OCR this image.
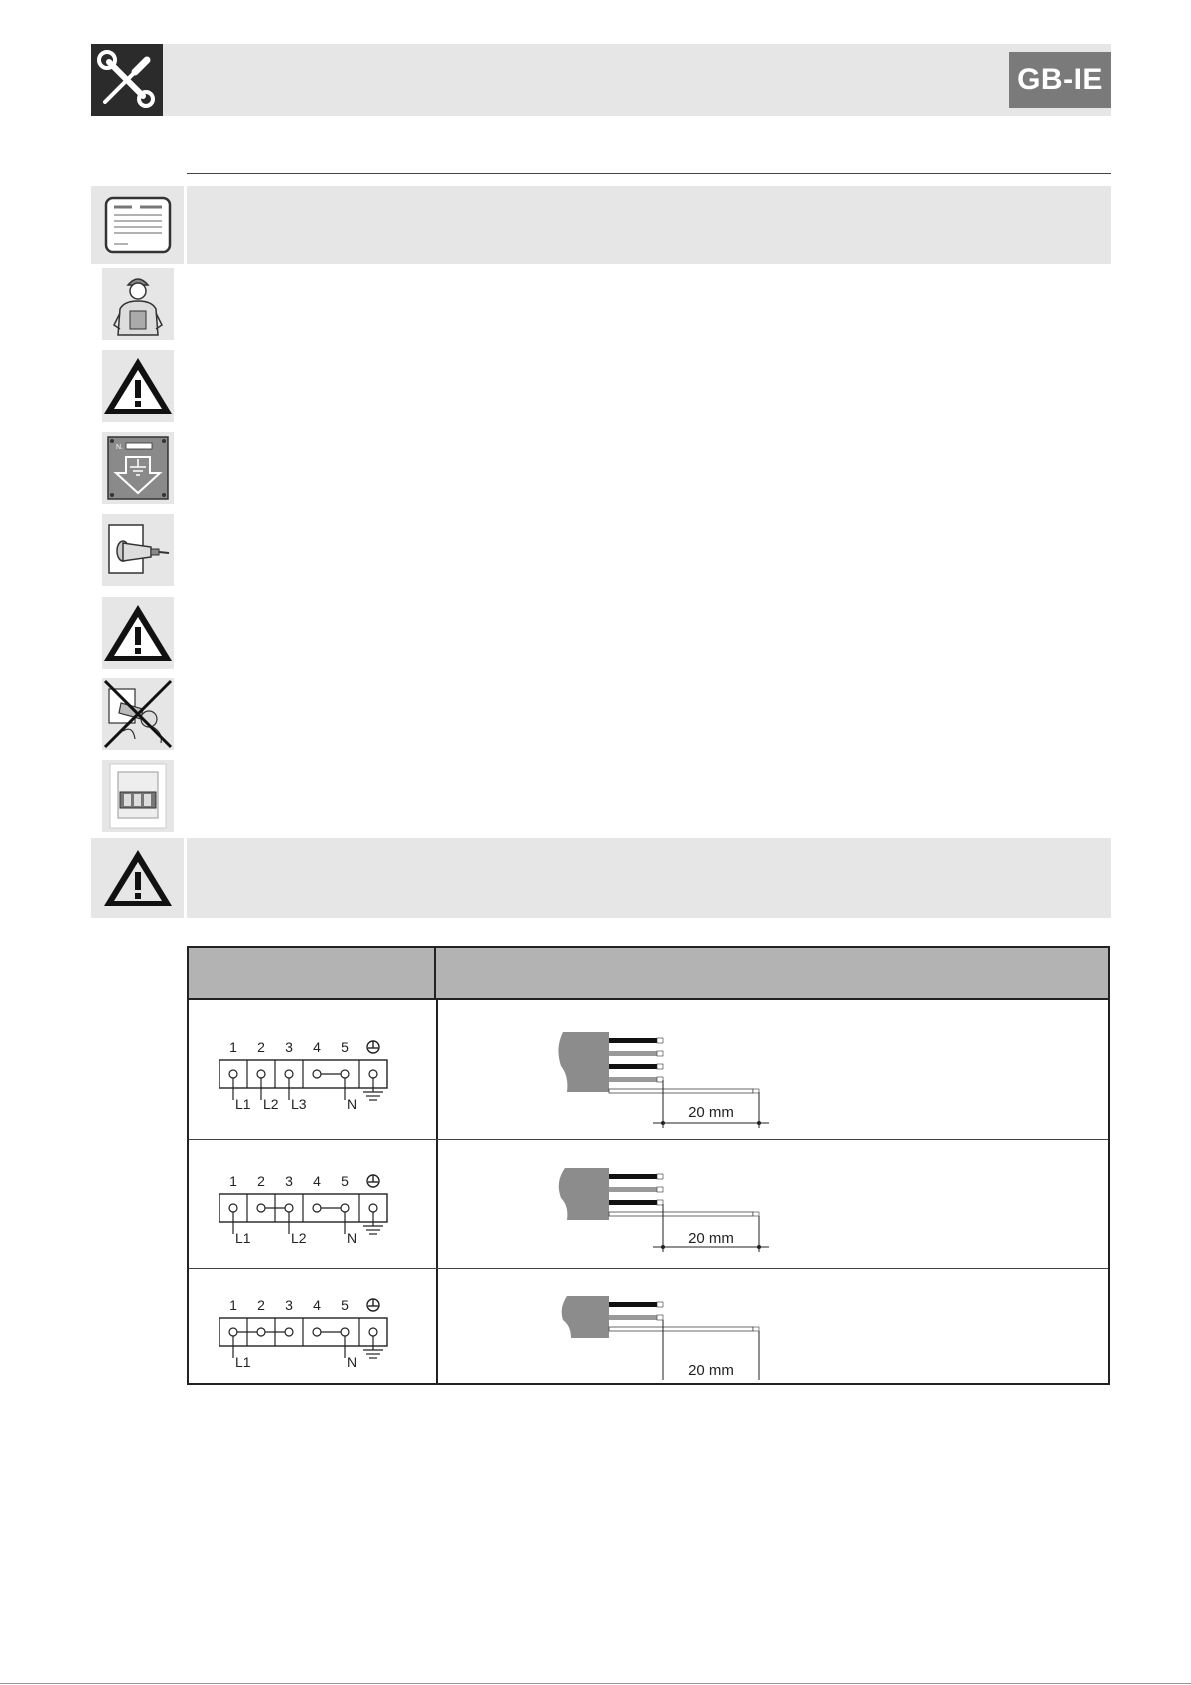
GB-IE
N.
1 2 3 4 5
L1 L2 L3	N	20 mm
1 2 3 4 5
L1	L2	N	20 mm
1 2 3 4 5
L1	N	20 mm
